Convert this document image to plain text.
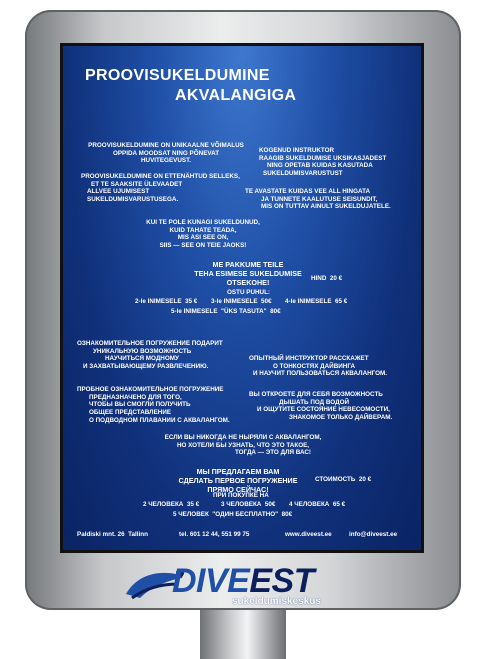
PROOVISUKELDUMINE
AKVALANGIGA

PROOVISUKELDUMINE ON UNIKAALNE VÕIMALUS
OPPIDA MOODSAT NING PÕNEVAT
HUVITEGEVUST.

PROOVISUKELDUMINE ON ETTENÄHTUD SELLEKS,
ET TE SAAKSITE ÜLEVAADET
ALLVEE UJUMISEST
SUKELDUMISVARUSTUSEGA.

KOGENUD INSTRUKTOR
RAAGIB SUKELDUMISE UKSIKASJADEST
NING OPETAB KUIDAS KASUTADA
SUKELDUMISVARUSTUST

TE AVASTATE KUIDAS VEE ALL HINGATA
JA TUNNETE KAALUTUSE SEISUNDIT,
MIS ON TUTTAV AINULT SUKELDUJATELE.

KUI TE POLE KUNAGI SUKELDUNUD,
KUID TAHATE TEADA,
MIS ASI SEE ON,
SIIS — SEE ON TEIE JAOKS!

ME PAKKUME TEILE
TEHA ESIMESE SUKELDUMISE
OTSEKOHE!

	HIND  20 €
OSTU PUHUL:
2-le INIMESELE  35 € 3-le INIMESELE  50€ 4-le INIMESELE  65 €
5-le INIMESELE  "ÜKS TASUTA"  80€

ОЗНАКОМИТЕЛЬНОЕ ПОГРУЖЕНИЕ ПОДАРИТ
УНИКАЛЬНУЮ ВОЗМОЖНОСТЬ
НАУЧИТЬСЯ МОДНОМУ
И ЗАХВАТЫВАЮЩЕМУ РАЗВЛЕЧЕНИЮ.

ПРОБНОЕ ОЗНАКОМИТЕЛЬНОЕ ПОГРУЖЕНИЕ
ПРЕДНАЗНАЧЕНО ДЛЯ ТОГО,
ЧТОБЫ ВЫ СМОГЛИ ПОЛУЧИТЬ
ОБЩЕЕ ПРЕДСТАВЛЕНИЕ
О ПОДВОДНОМ ПЛАВАНИИ С АКВАЛАНГОМ.

ОПЫТНЫЙ ИНСТРУКТОР РАССКАЖЕТ
О ТОНКОСТЯХ ДАЙВИНГА
И НАУЧИТ ПОЛЬЗОВАТЬСЯ АКВАЛАНГОМ.

ВЫ ОТКРОЕТЕ ДЛЯ СЕБЯ ВОЗМОЖНОСТЬ
ДЫШАТЬ ПОД ВОДОЙ
И ОЩУТИТЕ СОСТОЯНИЕ НЕВЕСОМОСТИ,
ЗНАКОМОЕ ТОЛЬКО ДАЙВЕРАМ.

ЕСЛИ ВЫ НИКОГДА НЕ НЫРЯЛИ С АКВАЛАНГОМ,
НО ХОТЕЛИ БЫ УЗНАТЬ, ЧТО ЭТО ТАКОЕ,
ТОГДА — ЭТО ДЛЯ ВАС!

МЫ ПРЕДЛАГАЕМ ВАМ
СДЕЛАТЬ ПЕРВОЕ ПОГРУЖЕНИЕ
ПРЯМО СЕЙЧАС!

СТОИМОСТЬ  20 €
ПРИ ПОКУПКЕ НА
2 ЧЕЛОВЕКА  35 €	3 ЧЕЛОВЕКА  50€ 4 ЧЕЛОВЕКА  65 €
5 ЧЕЛОВЕК  "ОДИН БЕСПЛАТНО"  80€
Paldiski mnt. 26  Tallinn	tel. 601 12 44, 551 99 75	www.diveest.ee	info@diveest.ee
DIVEEST
sukeldumiskeskus
